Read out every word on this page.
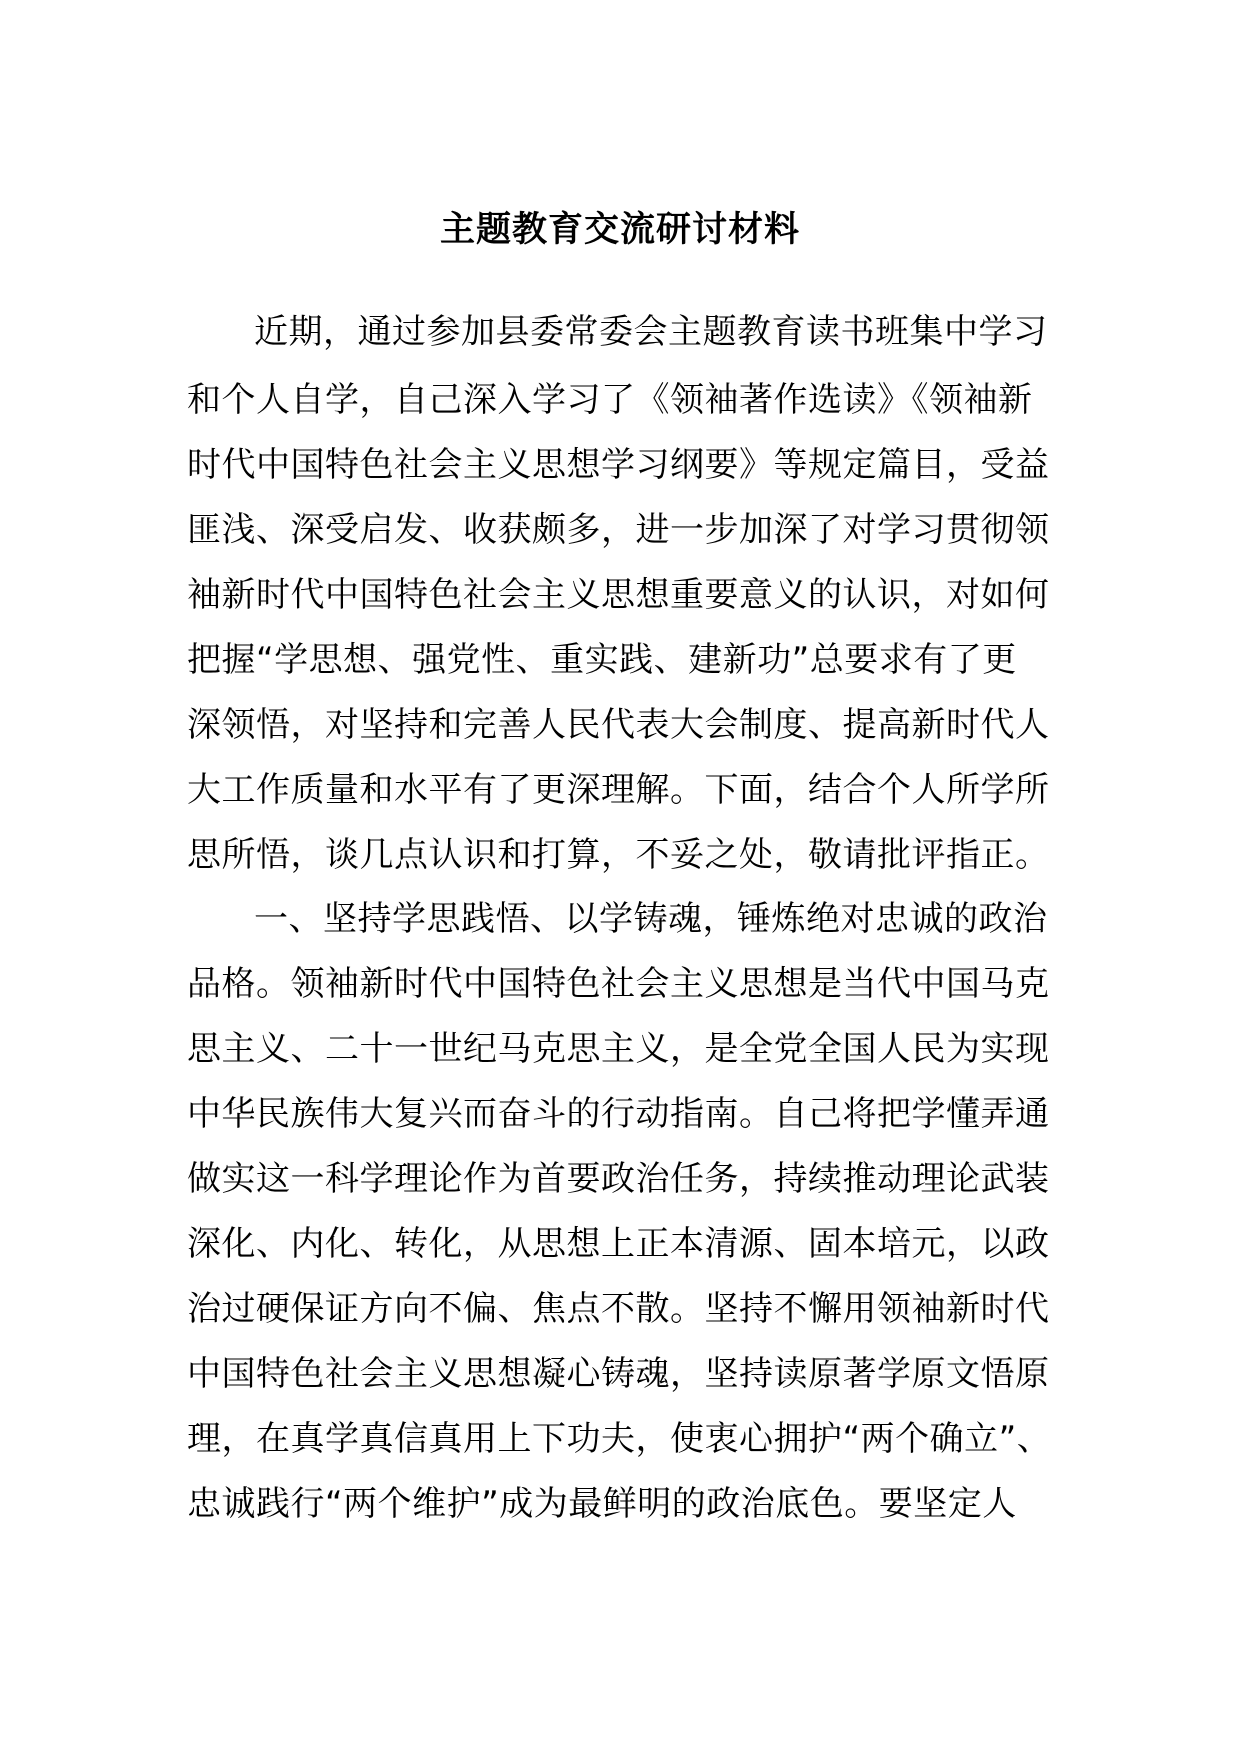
主题教育交流研讨材料
近期，通过参加县委常委会主题教育读书班集中学习
和个人自学，自己深入学习了《领袖著作选读》《领袖新
时代中国特色社会主义思想学习纲要》等规定篇目，受益
匪浅、深受启发、收获颇多，进一步加深了对学习贯彻领
袖新时代中国特色社会主义思想重要意义的认识，对如何
把握“学思想、强党性、重实践、建新功”总要求有了更
深领悟，对坚持和完善人民代表大会制度、提高新时代人
大工作质量和水平有了更深理解。下面，结合个人所学所
思所悟，谈几点认识和打算，不妥之处，敬请批评指正。
一、坚持学思践悟、以学铸魂，锤炼绝对忠诚的政治
品格。领袖新时代中国特色社会主义思想是当代中国马克
思主义、二十一世纪马克思主义，是全党全国人民为实现
中华民族伟大复兴而奋斗的行动指南。自己将把学懂弄通
做实这一科学理论作为首要政治任务，持续推动理论武装
深化、内化、转化，从思想上正本清源、固本培元，以政
治过硬保证方向不偏、焦点不散。坚持不懈用领袖新时代
中国特色社会主义思想凝心铸魂，坚持读原著学原文悟原
理，在真学真信真用上下功夫，使衷心拥护“两个确立”、
忠诚践行“两个维护”成为最鲜明的政治底色。要坚定人
